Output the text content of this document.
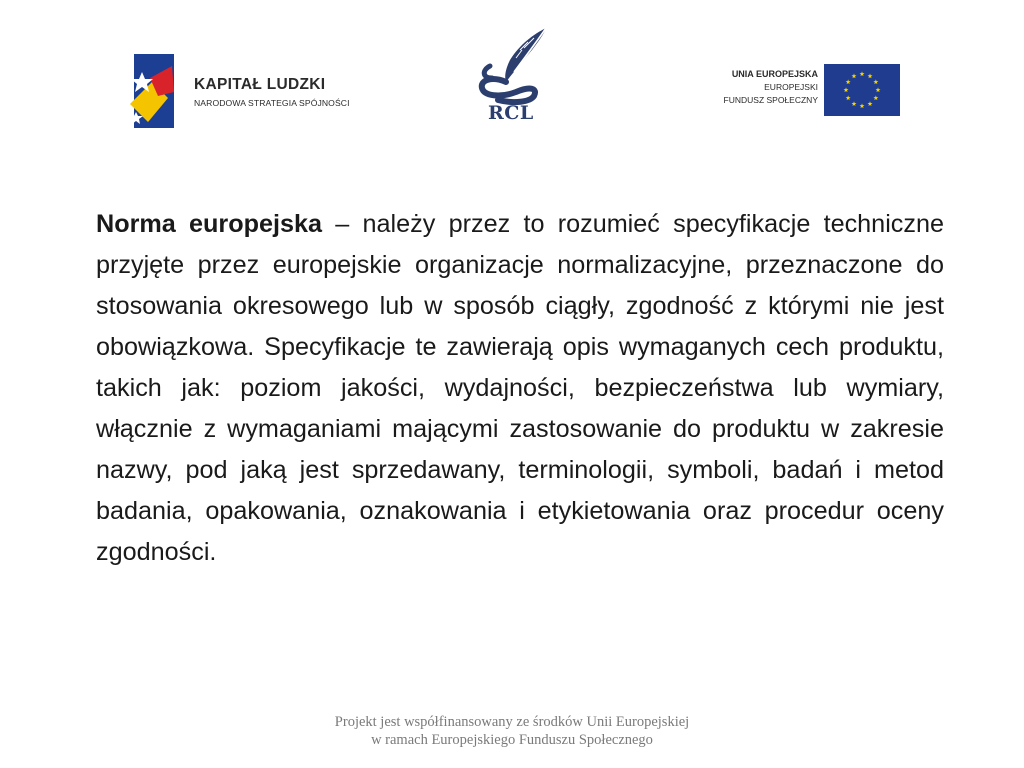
KAPITAŁ LUDZKI
NARODOWA STRATEGIA SPÓJNOŚCI	RCL
UNIA EUROPEJSKA
EUROPEJSKI
FUNDUSZ SPOŁECZNY

Norma europejska – należy przez to rozumieć specyfikacje techniczne przyjęte przez europejskie organizacje normalizacyjne, przeznaczone do stosowania okresowego lub w sposób ciągły, zgodność z którymi nie jest obowiązkowa. Specyfikacje te zawierają opis wymaganych cech produktu, takich jak: poziom jakości, wydajności, bezpieczeństwa lub wymiary, włącznie z wymaganiami mającymi zastosowanie do produktu w zakresie nazwy, pod jaką jest sprzedawany, terminologii, symboli, badań i metod badania, opakowania, oznakowania i etykietowania oraz procedur oceny zgodności.

Projekt jest współfinansowany ze środków Unii Europejskiej
w ramach Europejskiego Funduszu Społecznego
